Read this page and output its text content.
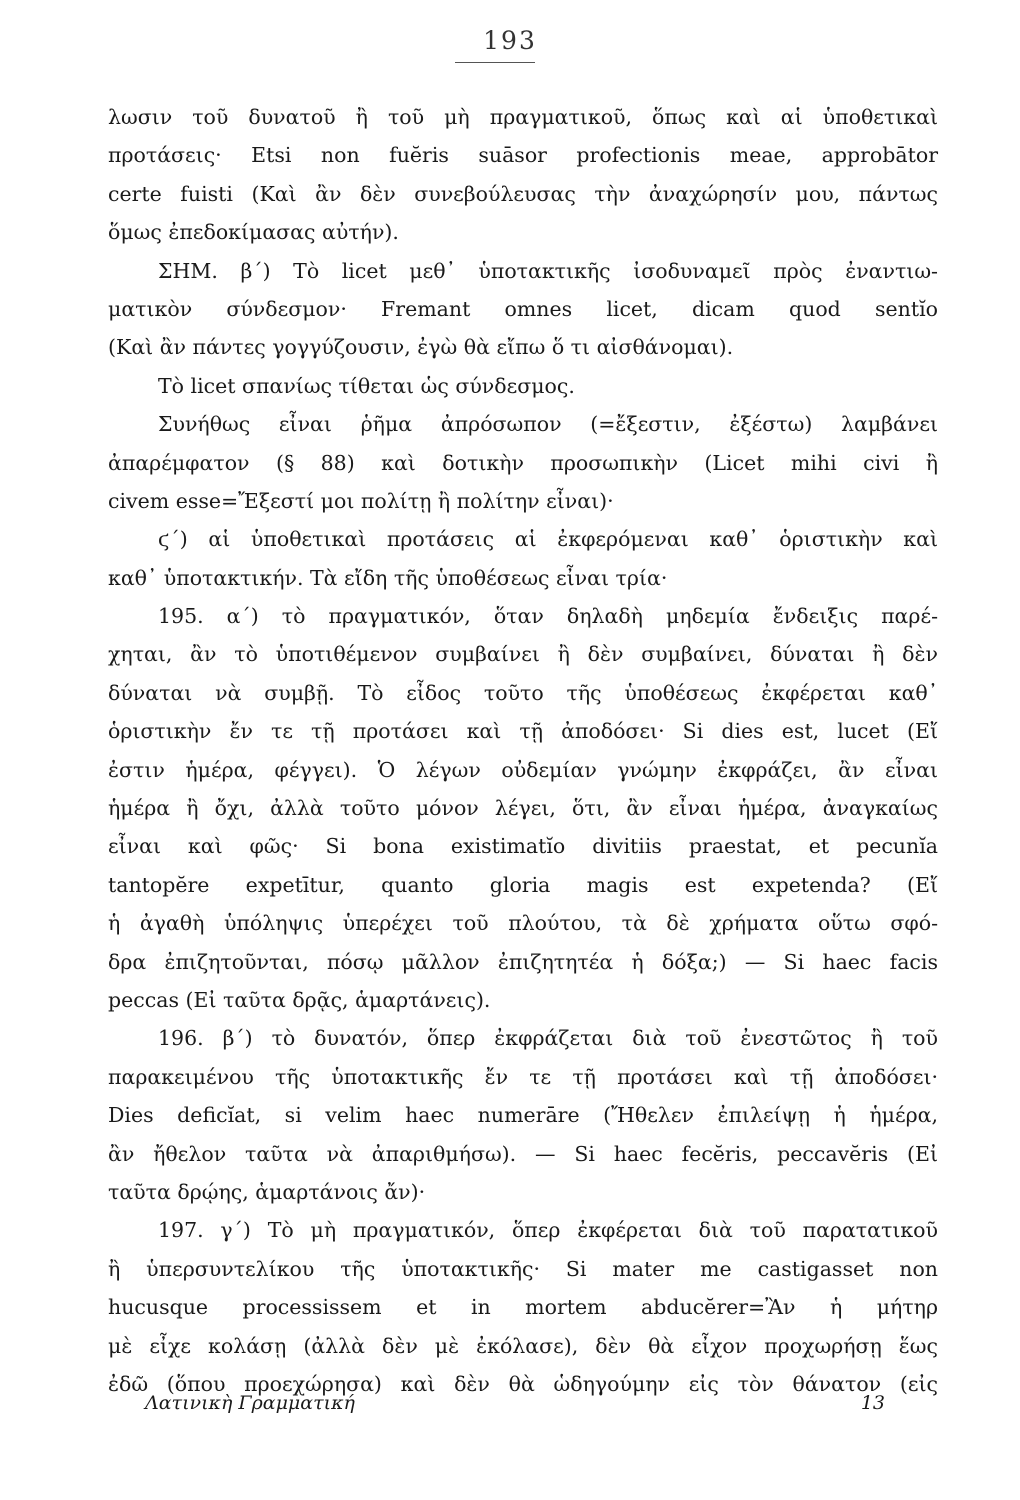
193
λωσιν τοῦ δυνατοῦ ἢ τοῦ μὴ πραγματικοῦ, ὅπως καὶ αἱ ὑποθετικαὶ
προτάσεις· Etsi non fuĕris suāsor profectionis meae, approbātor
certe fuisti (Καὶ ἂν δὲν συνεβούλευσας τὴν ἀναχώρησίν μου, πάντως
ὅμως ἐπεδοκίμασας αὐτήν).
ΣΗΜ. β΄) Τὸ licet μεθ᾽ ὑποτακτικῆς ἰσοδυναμεῖ πρὸς ἐναντιω-
ματικὸν σύνδεσμον· Fremant omnes licet, dicam quod sentĭo
(Καὶ ἂν πάντες γογγύζουσιν, ἐγὼ θὰ εἴπω ὅ τι αἰσθάνομαι).
Τὸ licet σπανίως τίθεται ὡς σύνδεσμος.
Συνήθως εἶναι ῥῆμα ἀπρόσωπον (=ἔξεστιν, ἐξέστω) λαμβάνει
ἀπαρέμφατον (§ 88) καὶ δοτικὴν προσωπικὴν (Licet mihi civi ἢ
civem esse=Ἔξεστί μοι πολίτῃ ἢ πολίτην εἶναι)·
ϛ΄) αἱ ὑποθετικαὶ προτάσεις αἱ ἐκφερόμεναι καθ᾽ ὁριστικὴν καὶ
καθ᾽ ὑποτακτικήν. Τὰ εἴδη τῆς ὑποθέσεως εἶναι τρία·
195. α΄) τὸ πραγματικόν, ὅταν δηλαδὴ μηδεμία ἔνδειξις παρέ-
χηται, ἂν τὸ ὑποτιθέμενον συμβαίνει ἢ δὲν συμβαίνει, δύναται ἢ δὲν
δύναται νὰ συμβῇ. Τὸ εἶδος τοῦτο τῆς ὑποθέσεως ἐκφέρεται καθ᾽
ὁριστικὴν ἔν τε τῇ προτάσει καὶ τῇ ἀποδόσει· Si dies est, lucet (Εἴ
ἐστιν ἡμέρα, φέγγει). Ὁ λέγων οὐδεμίαν γνώμην ἐκφράζει, ἂν εἶναι
ἡμέρα ἢ ὄχι, ἀλλὰ τοῦτο μόνον λέγει, ὅτι, ἂν εἶναι ἡμέρα, ἀναγκαίως
εἶναι καὶ φῶς· Si bona existimatĭo divitiis praestat, et pecunĭa
tantopĕre expetītur, quanto gloria magis est expetenda? (Εἴ
ἡ ἀγαθὴ ὑπόληψις ὑπερέχει τοῦ πλούτου, τὰ δὲ χρήματα οὕτω σφό-
δρα ἐπιζητοῦνται, πόσῳ μᾶλλον ἐπιζητητέα ἡ δόξα;) — Si haec facis
peccas (Εἰ ταῦτα δρᾷς, ἁμαρτάνεις).
196. β΄) τὸ δυνατόν, ὅπερ ἐκφράζεται διὰ τοῦ ἐνεστῶτος ἢ τοῦ
παρακειμένου τῆς ὑποτακτικῆς ἔν τε τῇ προτάσει καὶ τῇ ἀποδόσει·
Dies deficĭat, si velim haec numerāre (Ἤθελεν ἐπιλείψῃ ἡ ἡμέρα,
ἂν ἤθελον ταῦτα νὰ ἀπαριθμήσω). — Si haec fecĕris, peccavĕris (Εἰ
ταῦτα δρῴης, ἁμαρτάνοις ἄν)·
197. γ΄) Τὸ μὴ πραγματικόν, ὅπερ ἐκφέρεται διὰ τοῦ παρατατικοῦ
ἢ ὑπερσυντελίκου τῆς ὑποτακτικῆς· Si mater me castigasset non
hucusque processissem et in mortem abducĕrer=Ἂν ἡ μήτηρ
μὲ εἶχε κολάσῃ (ἀλλὰ δὲν μὲ ἐκόλασε), δὲν θὰ εἶχον προχωρήσῃ ἕως
ἐδῶ (ὅπου προεχώρησα) καὶ δὲν θὰ ὡδηγούμην εἰς τὸν θάνατον (εἰς
Λατινικὴ Γραμματική	13
